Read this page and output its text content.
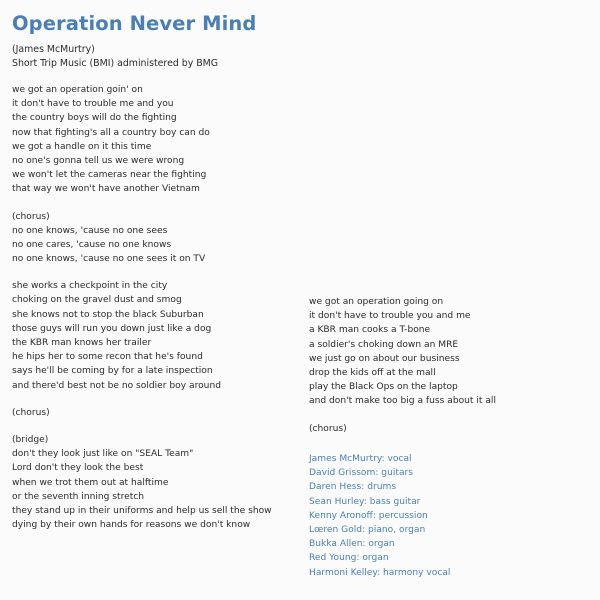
Operation Never Mind
(James McMurtry)
Short Trip Music (BMI) administered by BMG
we got an operation goin' on
it don't have to trouble me and you
the country boys will do the fighting
now that fighting's all a country boy can do
we got a handle on it this time
no one's gonna tell us we were wrong
we won't let the cameras near the fighting
that way we won't have another Vietnam
(chorus)
no one knows, 'cause no one sees
no one cares, 'cause no one knows
no one knows, 'cause no one sees it on TV
she works a checkpoint in the city
choking on the gravel dust and smog
she knows not to stop the black Suburban
those guys will run you down just like a dog
the KBR man knows her trailer
he hips her to some recon that he's found
says he'll be coming by for a late inspection
and there'd best not be no soldier boy around
(chorus)
(bridge)
don't they look just like on "SEAL Team"
Lord don't they look the best
when we trot them out at halftime
or the seventh inning stretch
they stand up in their uniforms and help us sell the show
dying by their own hands for reasons we don't know
we got an operation going on
it don't have to trouble you and me
a KBR man cooks a T-bone
a soldier's choking down an MRE
we just go on about our business
drop the kids off at the mall
play the Black Ops on the laptop
and don't make too big a fuss about it all
(chorus)
James McMurtry: vocal
David Grissom: guitars
Daren Hess: drums
Sean Hurley: bass guitar
Kenny Aronoff: percussion
Lœren Gold: piano, organ
Bukka Allen: organ
Red Young: organ
Harmoni Kelley: harmony vocal
